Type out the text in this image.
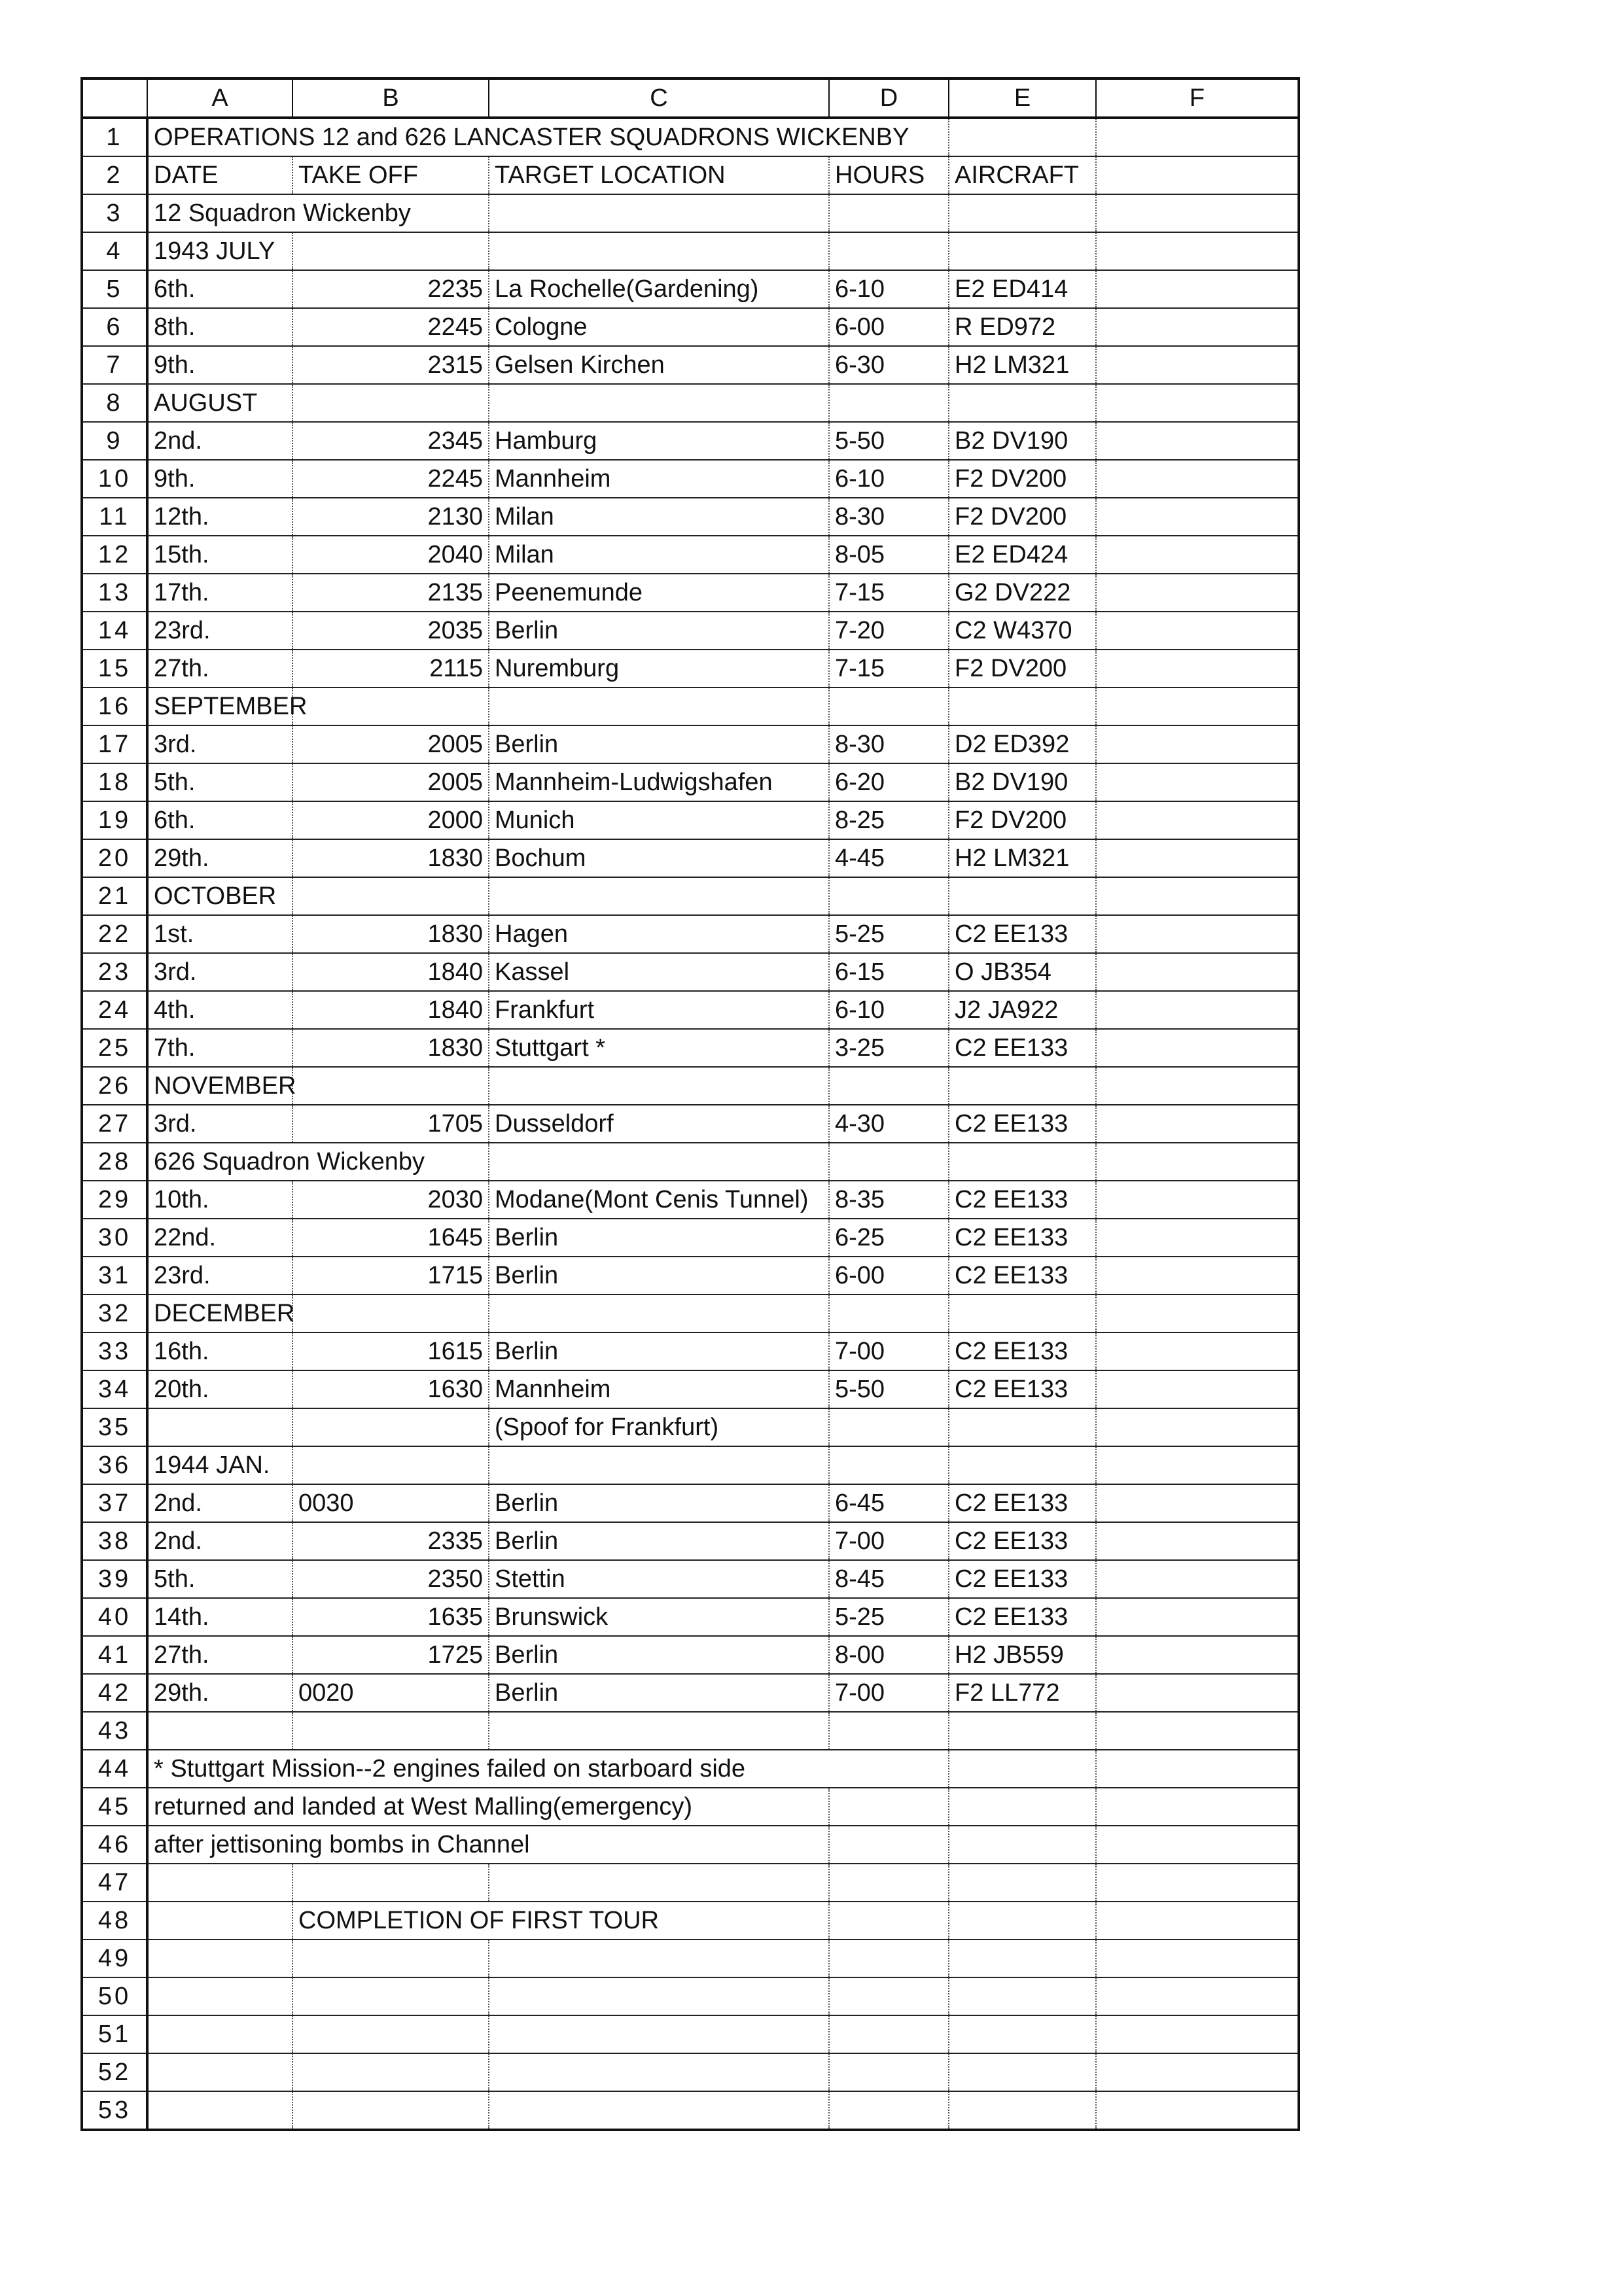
	A	B	C	D	E	F
1	OPERATIONS 12 and 626 LANCASTER SQUADRONS WICKENBY					
2	DATE	TAKE OFF	TARGET LOCATION	HOURS	AIRCRAFT	
3	12 Squadron Wickenby					
4	1943 JULY					
5	6th.	2235	La Rochelle(Gardening)	6-10	E2 ED414	
6	8th.	2245	Cologne	6-00	R ED972	
7	9th.	2315	Gelsen Kirchen	6-30	H2 LM321	
8	AUGUST					
9	2nd.	2345	Hamburg	5-50	B2 DV190	
10	9th.	2245	Mannheim	6-10	F2 DV200	
11	12th.	2130	Milan	8-30	F2 DV200	
12	15th.	2040	Milan	8-05	E2 ED424	
13	17th.	2135	Peenemunde	7-15	G2 DV222	
14	23rd.	2035	Berlin	7-20	C2 W4370	
15	27th.	2115	Nuremburg	7-15	F2 DV200	
16	SEPTEMBER					
17	3rd.	2005	Berlin	8-30	D2 ED392	
18	5th.	2005	Mannheim-Ludwigshafen	6-20	B2 DV190	
19	6th.	2000	Munich	8-25	F2 DV200	
20	29th.	1830	Bochum	4-45	H2 LM321	
21	OCTOBER					
22	1st.	1830	Hagen	5-25	C2 EE133	
23	3rd.	1840	Kassel	6-15	O JB354	
24	4th.	1840	Frankfurt	6-10	J2 JA922	
25	7th.	1830	Stuttgart *	3-25	C2 EE133	
26	NOVEMBER					
27	3rd.	1705	Dusseldorf	4-30	C2 EE133	
28	626 Squadron Wickenby					
29	10th.	2030	Modane(Mont Cenis Tunnel)	8-35	C2 EE133	
30	22nd.	1645	Berlin	6-25	C2 EE133	
31	23rd.	1715	Berlin	6-00	C2 EE133	
32	DECEMBER					
33	16th.	1615	Berlin	7-00	C2 EE133	
34	20th.	1630	Mannheim	5-50	C2 EE133	
35			(Spoof for Frankfurt)			
36	1944 JAN.					
37	2nd.	0030	Berlin	6-45	C2 EE133	
38	2nd.	2335	Berlin	7-00	C2 EE133	
39	5th.	2350	Stettin	8-45	C2 EE133	
40	14th.	1635	Brunswick	5-25	C2 EE133	
41	27th.	1725	Berlin	8-00	H2 JB559	
42	29th.	0020	Berlin	7-00	F2 LL772	
43						
44	* Stuttgart Mission--2 engines failed on starboard side					
45	returned and landed at West Malling(emergency)					
46	after jettisoning bombs in Channel					
47						
48		COMPLETION OF FIRST TOUR				
49						
50						
51						
52						
53						
